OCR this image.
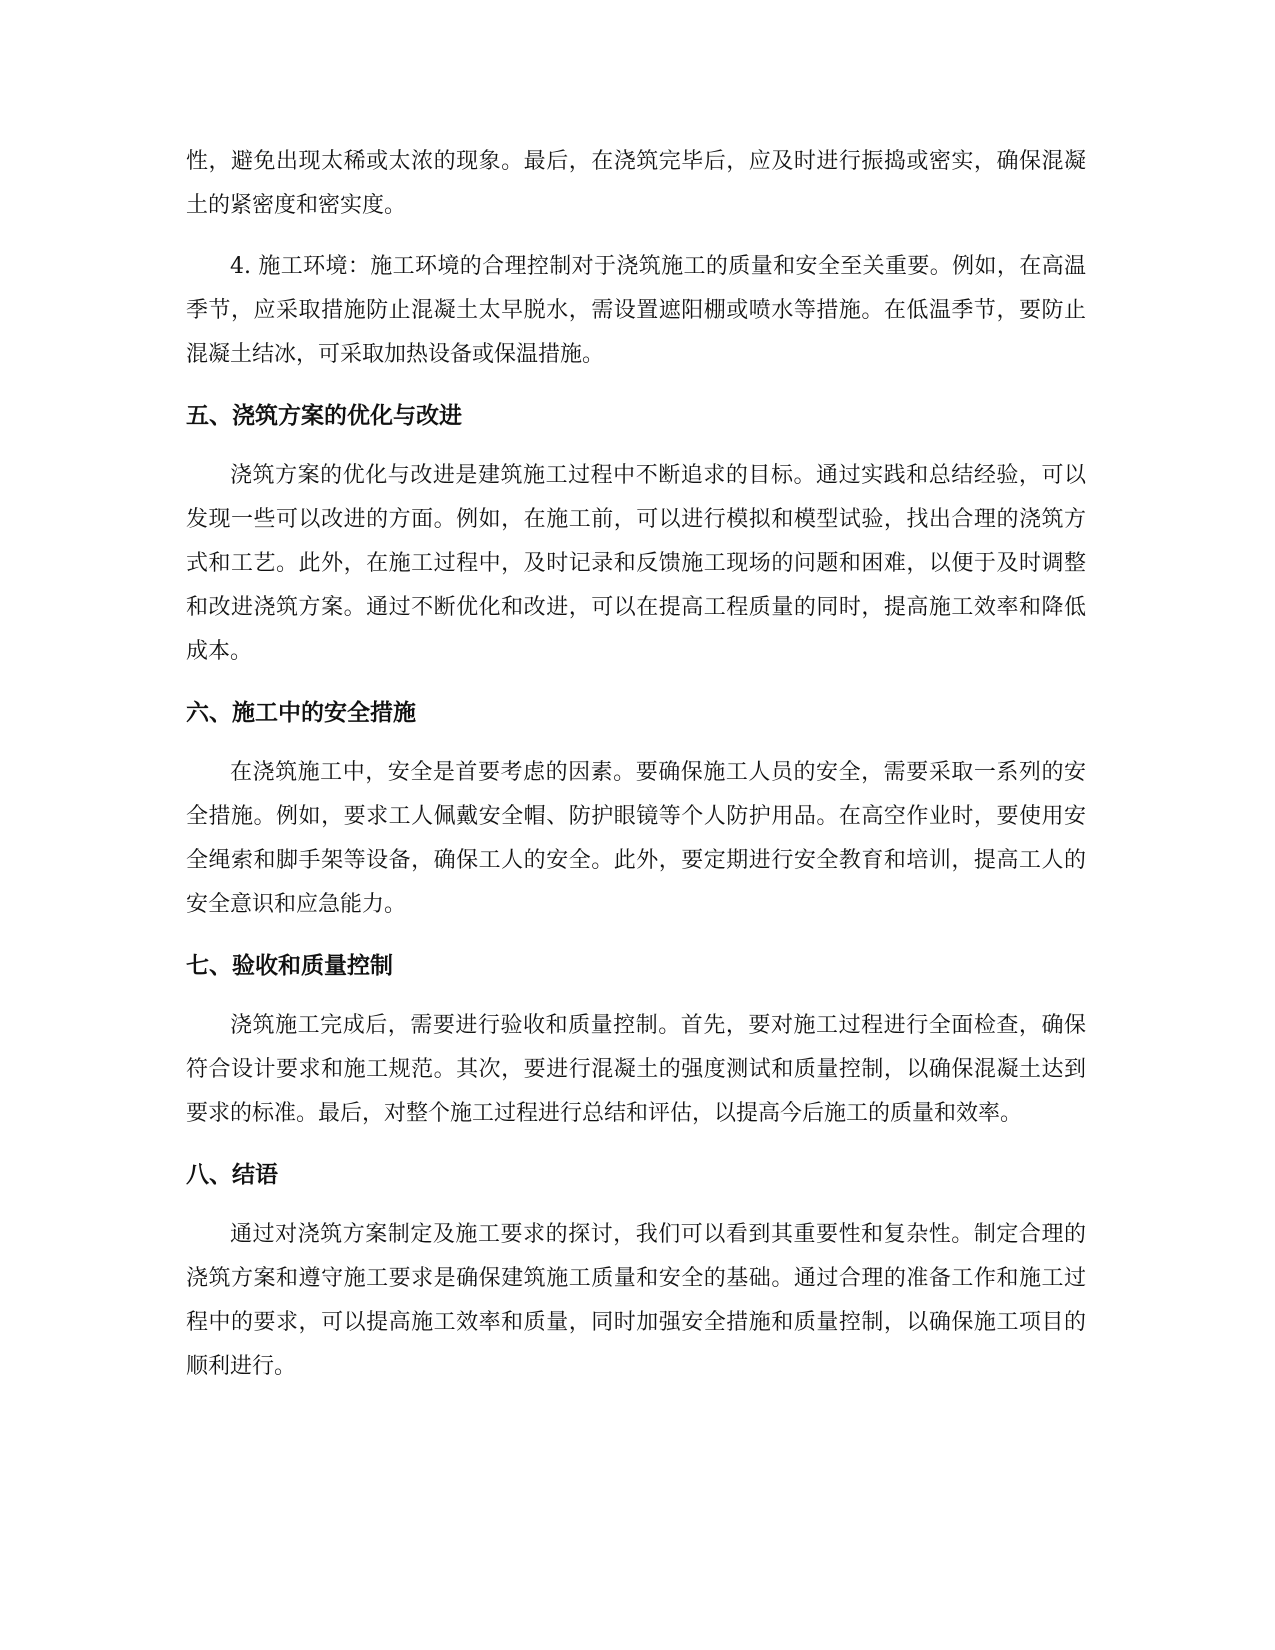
性，避免出现太稀或太浓的现象。最后，在浇筑完毕后，应及时进行振捣或密实，确保混凝土的紧密度和密实度。

4. 施工环境：施工环境的合理控制对于浇筑施工的质量和安全至关重要。例如，在高温季节，应采取措施防止混凝土太早脱水，需设置遮阳棚或喷水等措施。在低温季节，要防止混凝土结冰，可采取加热设备或保温措施。

五、浇筑方案的优化与改进

浇筑方案的优化与改进是建筑施工过程中不断追求的目标。通过实践和总结经验，可以发现一些可以改进的方面。例如，在施工前，可以进行模拟和模型试验，找出合理的浇筑方式和工艺。此外，在施工过程中，及时记录和反馈施工现场的问题和困难，以便于及时调整和改进浇筑方案。通过不断优化和改进，可以在提高工程质量的同时，提高施工效率和降低成本。

六、施工中的安全措施

在浇筑施工中，安全是首要考虑的因素。要确保施工人员的安全，需要采取一系列的安全措施。例如，要求工人佩戴安全帽、防护眼镜等个人防护用品。在高空作业时，要使用安全绳索和脚手架等设备，确保工人的安全。此外，要定期进行安全教育和培训，提高工人的安全意识和应急能力。

七、验收和质量控制

浇筑施工完成后，需要进行验收和质量控制。首先，要对施工过程进行全面检查，确保符合设计要求和施工规范。其次，要进行混凝土的强度测试和质量控制，以确保混凝土达到要求的标准。最后，对整个施工过程进行总结和评估，以提高今后施工的质量和效率。

八、结语

通过对浇筑方案制定及施工要求的探讨，我们可以看到其重要性和复杂性。制定合理的浇筑方案和遵守施工要求是确保建筑施工质量和安全的基础。通过合理的准备工作和施工过程中的要求，可以提高施工效率和质量，同时加强安全措施和质量控制，以确保施工项目的顺利进行。
